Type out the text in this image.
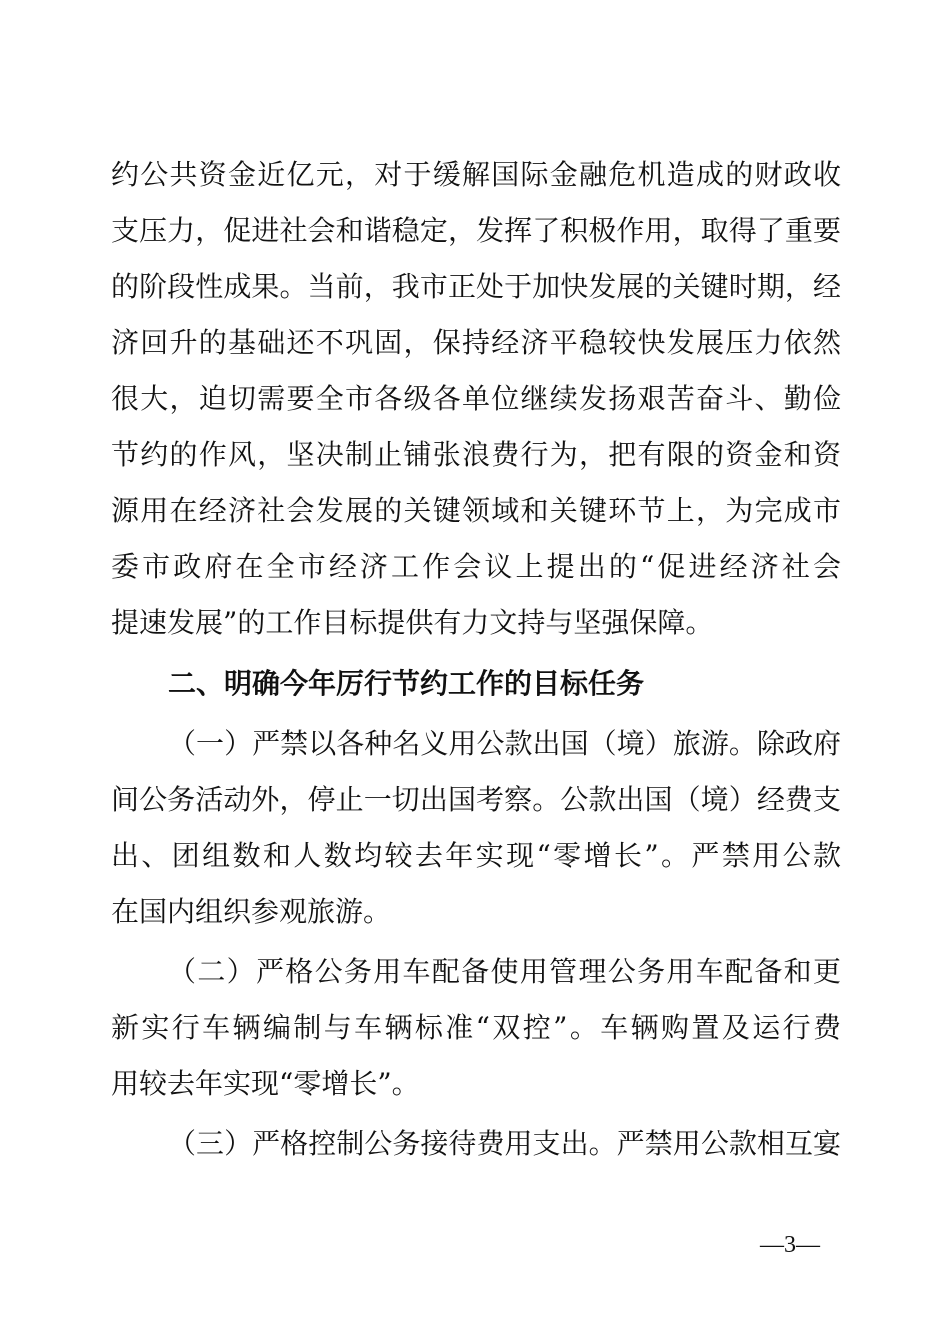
约公共资金近亿元，对于缓解国际金融危机造成的财政收
支压力，促进社会和谐稳定，发挥了积极作用，取得了重要
的阶段性成果。当前，我市正处于加快发展的关键时期，经
济回升的基础还不巩固，保持经济平稳较快发展压力依然
很大，迫切需要全市各级各单位继续发扬艰苦奋斗、勤俭
节约的作风，坚决制止铺张浪费行为，把有限的资金和资
源用在经济社会发展的关键领域和关键环节上，为完成市
委市政府在全市经济工作会议上提出的“促进经济社会
提速发展”的工作目标提供有力文持与坚强保障。
二、明确今年厉行节约工作的目标任务
（一）严禁以各种名义用公款出国（境）旅游。除政府
间公务活动外，停止一切出国考察。公款出国（境）经费支
出、团组数和人数均较去年实现“零增长”。严禁用公款
在国内组织参观旅游。
（二）严格公务用车配备使用管理公务用车配备和更
新实行车辆编制与车辆标准“双控”。车辆购置及运行费
用较去年实现“零增长”。
（三）严格控制公务接待费用支出。严禁用公款相互宴
—3—
